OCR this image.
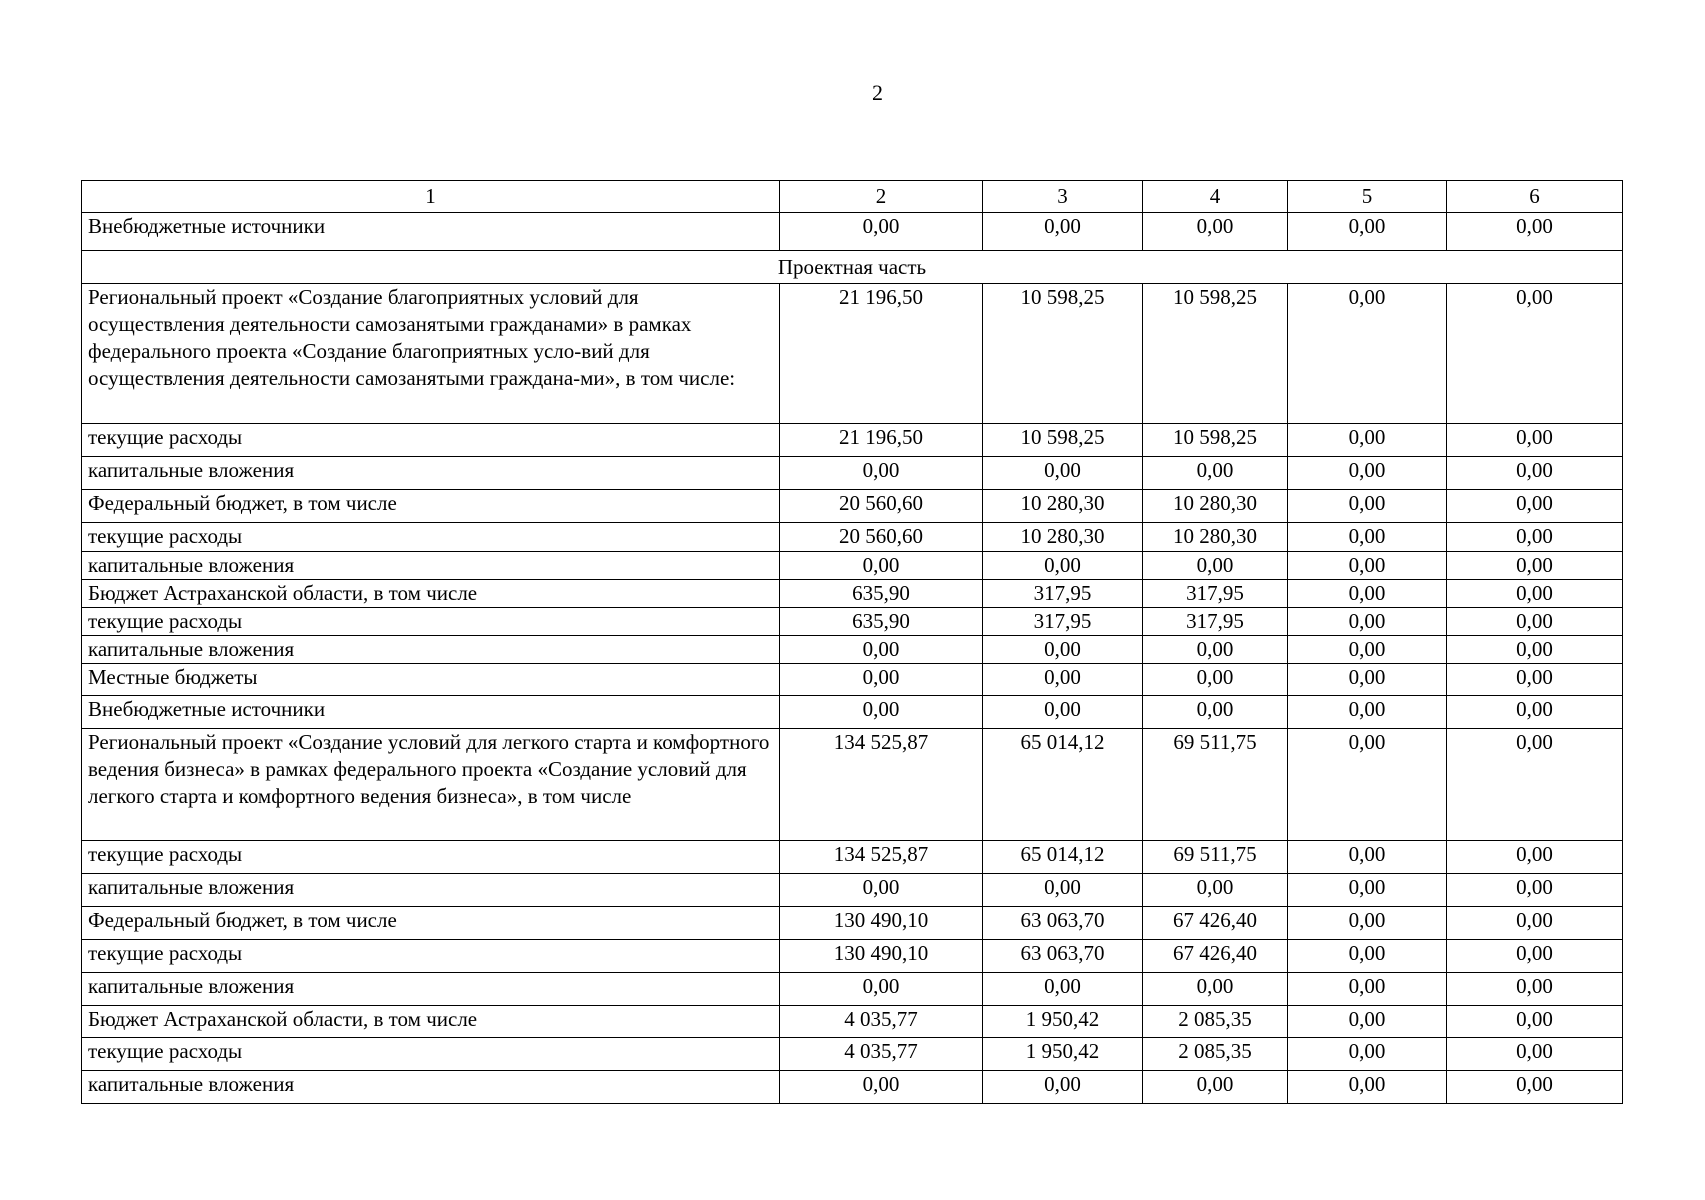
2
1	2	3	4	5	6
Внебюджетные источники	0,00	0,00	0,00	0,00	0,00
Проектная часть					
Региональный проект «Создание благоприятных условий для осуществления деятельности самозанятыми гражданами» в рамках федерального проекта «Создание благоприятных усло-вий для осуществления деятельности самозанятыми граждана-ми», в том числе:	21 196,50	10 598,25	10 598,25	0,00	0,00
текущие расходы	21 196,50	10 598,25	10 598,25	0,00	0,00
капитальные вложения	0,00	0,00	0,00	0,00	0,00
Федеральный бюджет, в том числе	20 560,60	10 280,30	10 280,30	0,00	0,00
текущие расходы	20 560,60	10 280,30	10 280,30	0,00	0,00
капитальные вложения	0,00	0,00	0,00	0,00	0,00
Бюджет Астраханской области, в том числе	635,90	317,95	317,95	0,00	0,00
текущие расходы	635,90	317,95	317,95	0,00	0,00
капитальные вложения	0,00	0,00	0,00	0,00	0,00
Местные бюджеты	0,00	0,00	0,00	0,00	0,00
Внебюджетные источники	0,00	0,00	0,00	0,00	0,00
Региональный проект «Создание условий для легкого старта и комфортного ведения бизнеса» в рамках федерального проекта «Создание условий для легкого старта и комфортного ведения бизнеса», в том числе	134 525,87	65 014,12	69 511,75	0,00	0,00
текущие расходы	134 525,87	65 014,12	69 511,75	0,00	0,00
капитальные вложения	0,00	0,00	0,00	0,00	0,00
Федеральный бюджет, в том числе	130 490,10	63 063,70	67 426,40	0,00	0,00
текущие расходы	130 490,10	63 063,70	67 426,40	0,00	0,00
капитальные вложения	0,00	0,00	0,00	0,00	0,00
Бюджет Астраханской области, в том числе	4 035,77	1 950,42	2 085,35	0,00	0,00
текущие расходы	4 035,77	1 950,42	2 085,35	0,00	0,00
капитальные вложения	0,00	0,00	0,00	0,00	0,00
